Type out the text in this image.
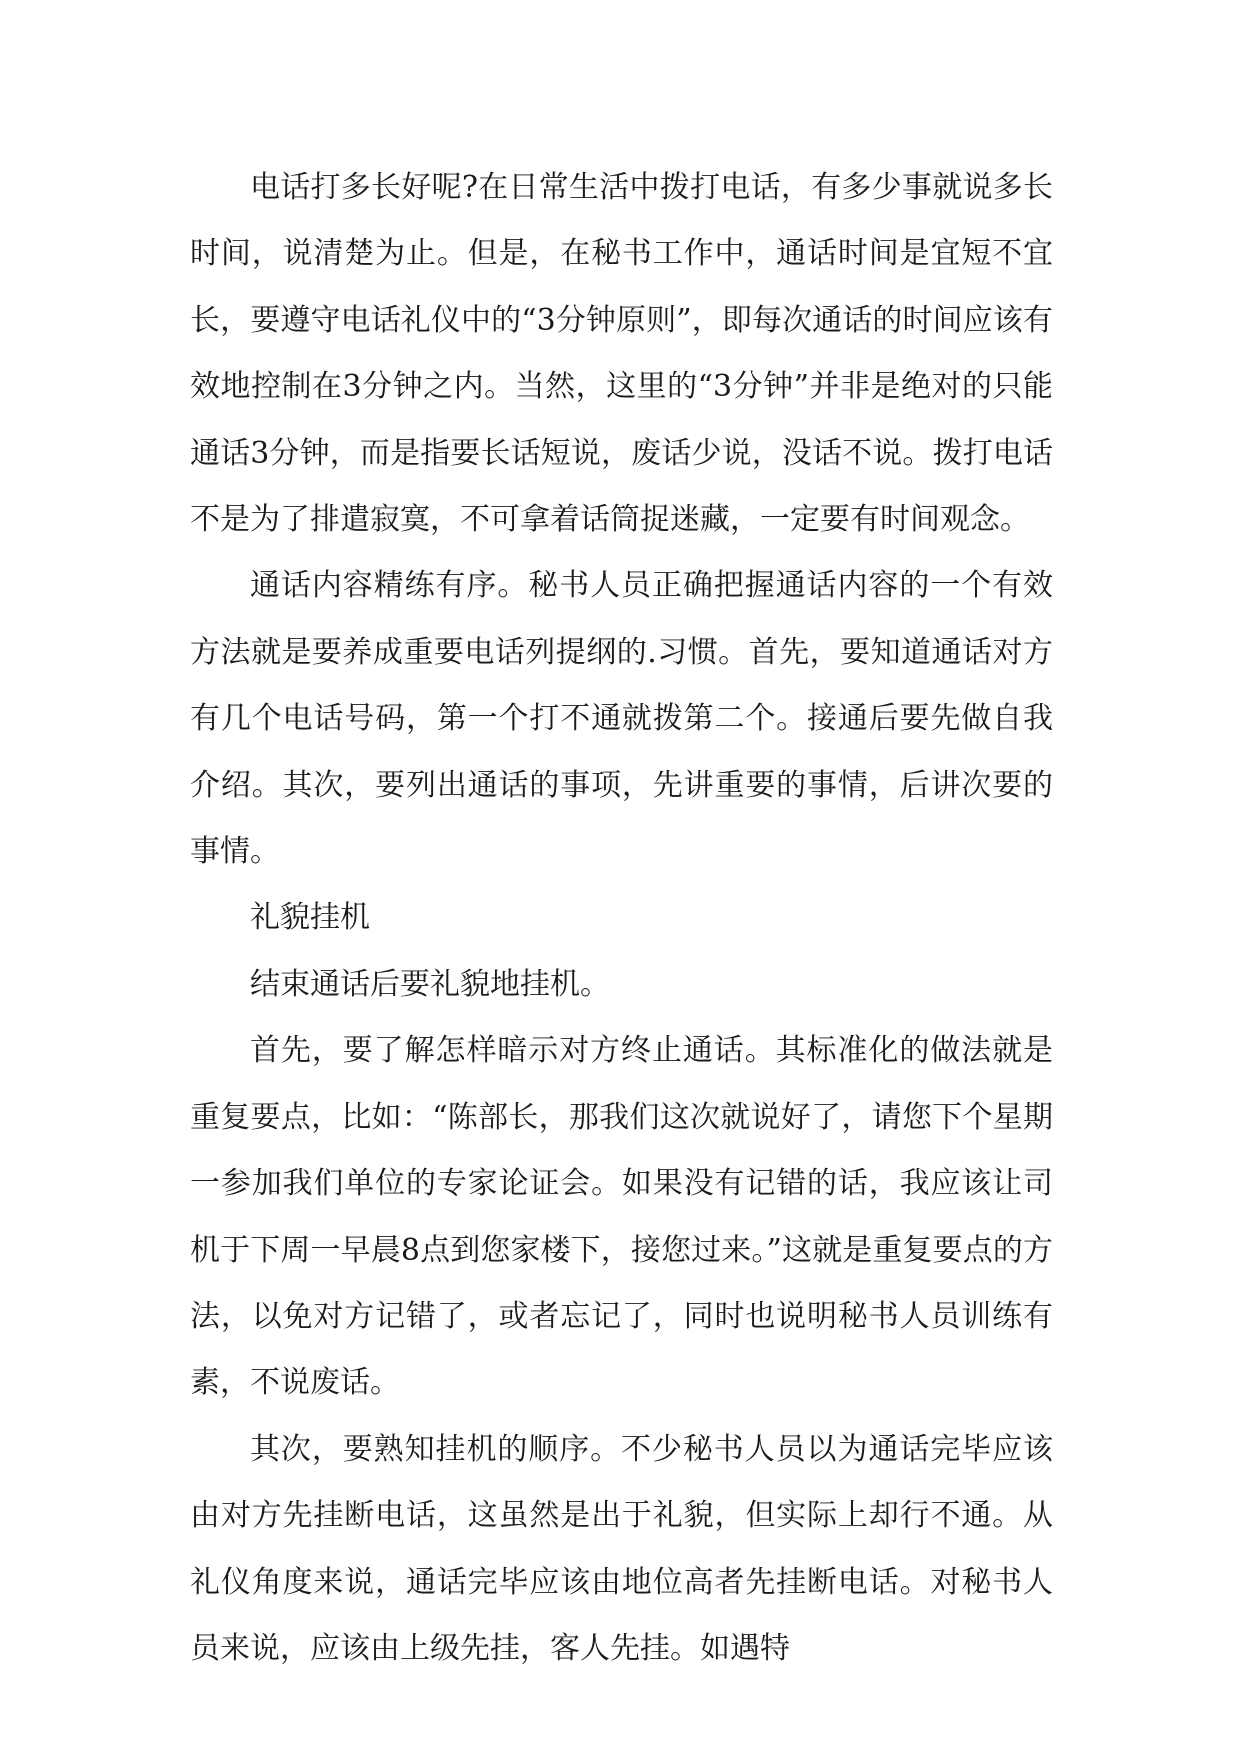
电话打多长好呢?在日常生活中拨打电话，有多少事就说多长时间，说清楚为止。但是，在秘书工作中，通话时间是宜短不宜长，要遵守电话礼仪中的“3分钟原则”，即每次通话的时间应该有效地控制在3分钟之内。当然，这里的“3分钟”并非是绝对的只能通话3分钟，而是指要长话短说，废话少说，没话不说。拨打电话不是为了排遣寂寞，不可拿着话筒捉迷藏，一定要有时间观念。

通话内容精练有序。秘书人员正确把握通话内容的一个有效方法就是要养成重要电话列提纲的.习惯。首先，要知道通话对方有几个电话号码，第一个打不通就拨第二个。接通后要先做自我介绍。其次，要列出通话的事项，先讲重要的事情，后讲次要的事情。

礼貌挂机

结束通话后要礼貌地挂机。

首先，要了解怎样暗示对方终止通话。其标准化的做法就是重复要点，比如：“陈部长，那我们这次就说好了，请您下个星期一参加我们单位的专家论证会。如果没有记错的话，我应该让司机于下周一早晨8点到您家楼下，接您过来。”这就是重复要点的方法，以免对方记错了，或者忘记了，同时也说明秘书人员训练有素，不说废话。

其次，要熟知挂机的顺序。不少秘书人员以为通话完毕应该由对方先挂断电话，这虽然是出于礼貌，但实际上却行不通。从礼仪角度来说，通话完毕应该由地位高者先挂断电话。对秘书人员来说，应该由上级先挂，客人先挂。如遇特
